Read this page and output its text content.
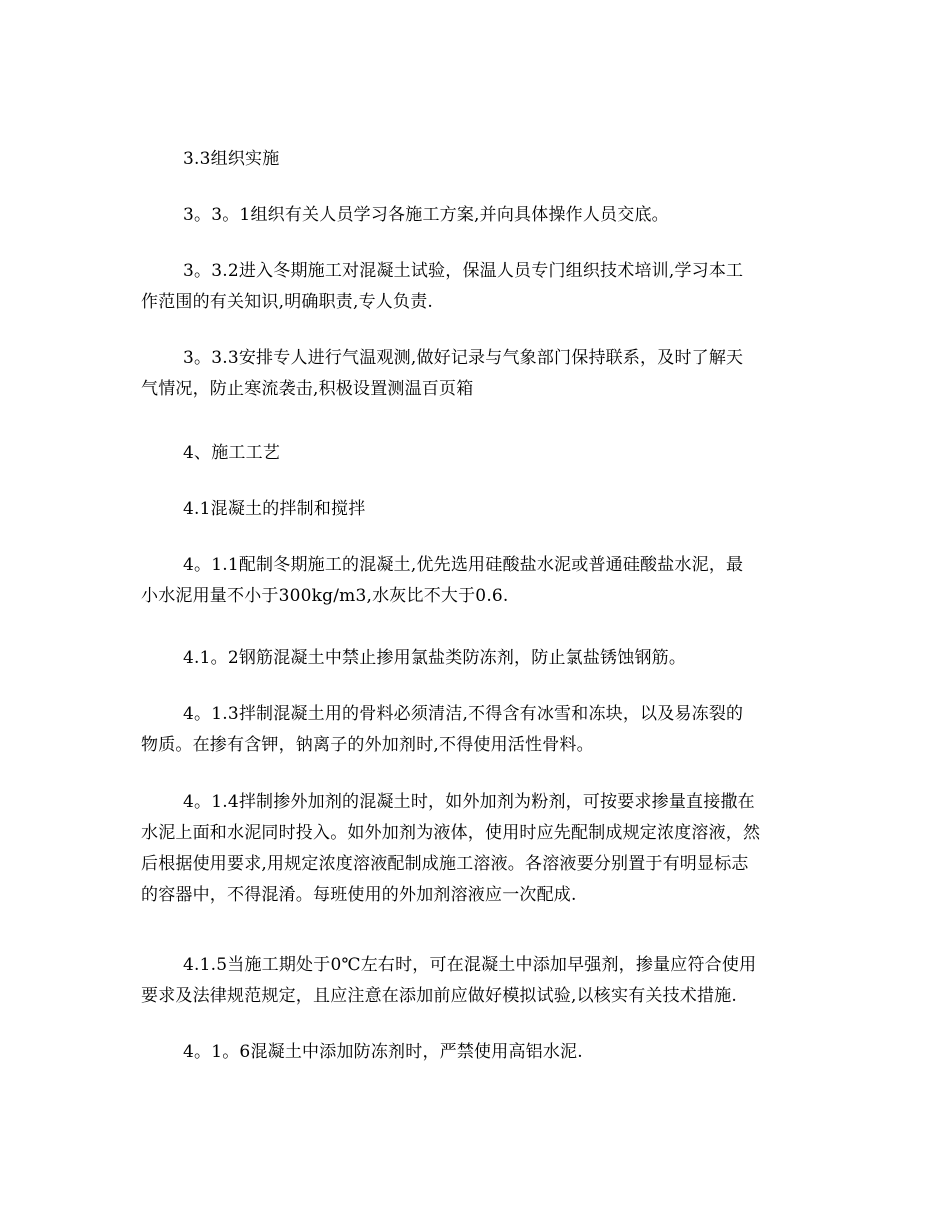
3.3组织实施

3。3。1组织有关人员学习各施工方案,并向具体操作人员交底。

3。3.2进入冬期施工对混凝土试验，保温人员专门组织技术培训,学习本工
作范围的有关知识,明确职责,专人负责.

3。3.3安排专人进行气温观测,做好记录与气象部门保持联系，及时了解天
气情况，防止寒流袭击,积极设置测温百页箱

4、施工工艺

4.1混凝土的拌制和搅拌

4。1.1配制冬期施工的混凝土,优先选用硅酸盐水泥或普通硅酸盐水泥，最
小水泥用量不小于300kg/m3,水灰比不大于0.6.

4.1。2钢筋混凝土中禁止掺用氯盐类防冻剂，防止氯盐锈蚀钢筋。

4。1.3拌制混凝土用的骨料必须清洁,不得含有冰雪和冻块，以及易冻裂的
物质。在掺有含钾，钠离子的外加剂时,不得使用活性骨料。

4。1.4拌制掺外加剂的混凝土时，如外加剂为粉剂，可按要求掺量直接撒在
水泥上面和水泥同时投入。如外加剂为液体，使用时应先配制成规定浓度溶液，然
后根据使用要求,用规定浓度溶液配制成施工溶液。各溶液要分别置于有明显标志
的容器中，不得混淆。每班使用的外加剂溶液应一次配成.

4.1.5当施工期处于0℃左右时，可在混凝土中添加早强剂，掺量应符合使用
要求及法律规范规定，且应注意在添加前应做好模拟试验,以核实有关技术措施.

4。1。6混凝土中添加防冻剂时，严禁使用高铝水泥.
